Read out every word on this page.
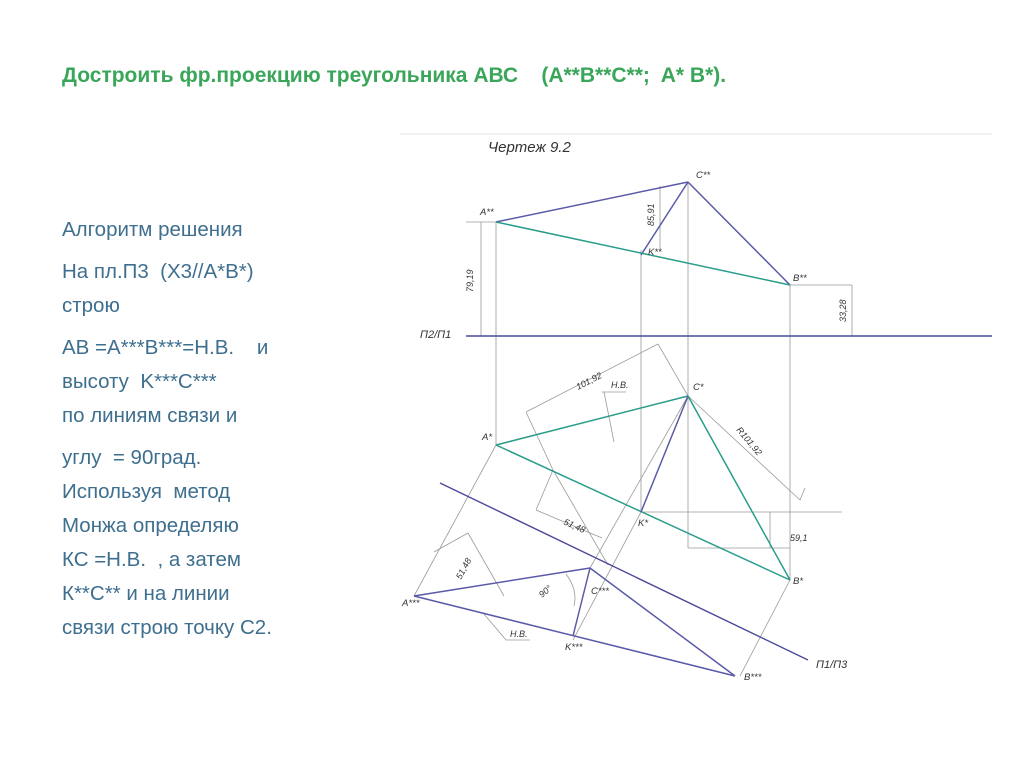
Достроить фр.проекцию треугольника АВС    (A**B**C**;  A* B*).
Алгоритм решения
На пл.П3  (X3//A*B*)
строю
AB =A***B***=Н.В.    и
высоту  K***C***
по линиям связи и
углу  = 90град.
Используя  метод
Монжа определяю
КС =Н.В.  , а затем
К**С** и на линии
связи строю точку С2.
Чертеж 9.2
П2/П1
П1/П3
A**
C**
K**
B**
A*
C*
K*
B*
A***
C***
K***
B***
79,19
85,91
33,28
101,92
R101,92
51,48
59,1
51,48
Н.В.
Н.В.
90°
